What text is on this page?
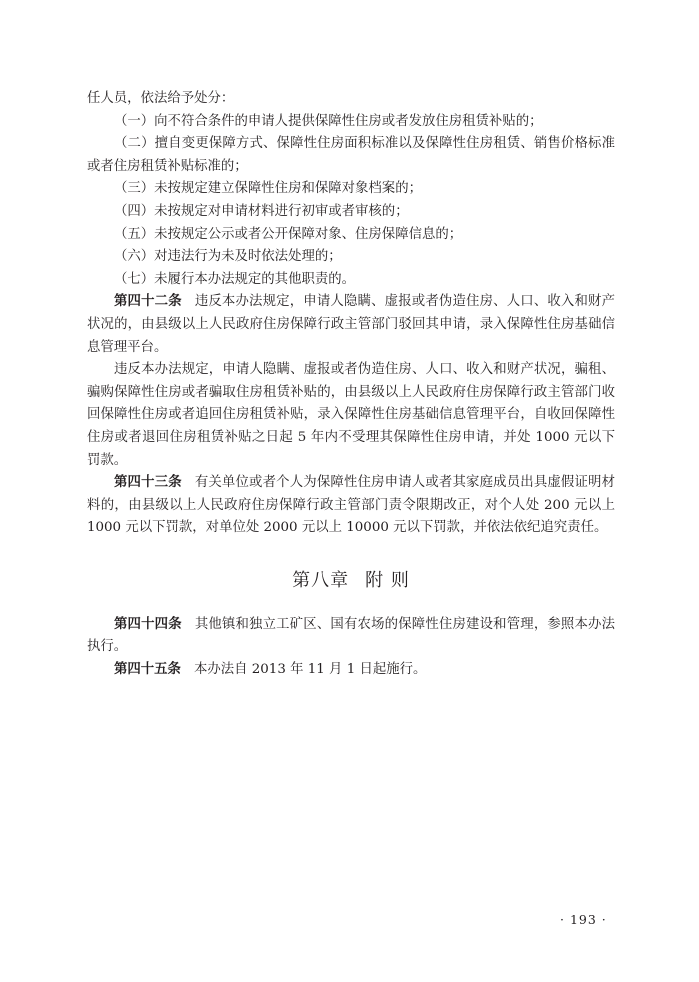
任人员，依法给予处分：

（一）向不符合条件的申请人提供保障性住房或者发放住房租赁补贴的；

（二）擅自变更保障方式、保障性住房面积标准以及保障性住房租赁、销售价格标准或者住房租赁补贴标准的；

（三）未按规定建立保障性住房和保障对象档案的；

（四）未按规定对申请材料进行初审或者审核的；

（五）未按规定公示或者公开保障对象、住房保障信息的；

（六）对违法行为未及时依法处理的；

（七）未履行本办法规定的其他职责的。

第四十二条 违反本办法规定，申请人隐瞒、虚报或者伪造住房、人口、收入和财产状况的，由县级以上人民政府住房保障行政主管部门驳回其申请，录入保障性住房基础信息管理平台。

违反本办法规定，申请人隐瞒、虚报或者伪造住房、人口、收入和财产状况，骗租、骗购保障性住房或者骗取住房租赁补贴的，由县级以上人民政府住房保障行政主管部门收回保障性住房或者追回住房租赁补贴，录入保障性住房基础信息管理平台，自收回保障性住房或者退回住房租赁补贴之日起 5 年内不受理其保障性住房申请，并处 1000 元以下罚款。

第四十三条 有关单位或者个人为保障性住房申请人或者其家庭成员出具虚假证明材料的，由县级以上人民政府住房保障行政主管部门责令限期改正，对个人处 200 元以上 1000 元以下罚款，对单位处 2000 元以上 10000 元以下罚款，并依法依纪追究责任。

第八章 附 则

第四十四条 其他镇和独立工矿区、国有农场的保障性住房建设和管理，参照本办法执行。

第四十五条 本办法自 2013 年 11 月 1 日起施行。

· 193 ·
